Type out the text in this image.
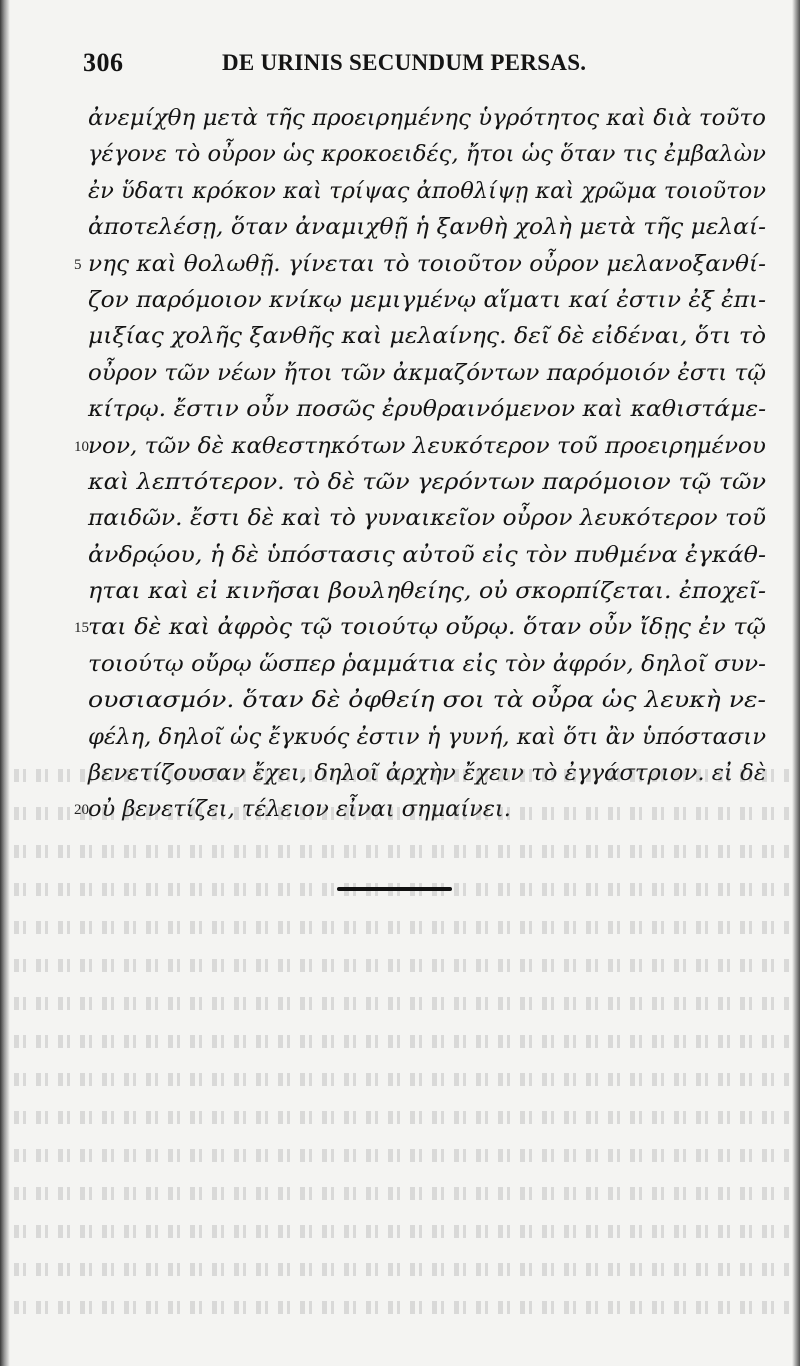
306	DE URINIS SECUNDUM PERSAS.
ἀνεμίχθη μετὰ τῆς προειρημένης ὑγρότητος καὶ διὰ τοῦτο
γέγονε τὸ οὖρον ὡς κροκοειδές, ἤτοι ὡς ὅταν τις ἐμβαλὼν
ἐν ὕδατι κρόκον καὶ τρίψας ἀποθλίψῃ καὶ χρῶμα τοιοῦτον
ἀποτελέσῃ, ὅταν ἀναμιχθῇ ἡ ξανθὴ χολὴ μετὰ τῆς μελαί-
5 νης καὶ θολωθῇ. γίνεται τὸ τοιοῦτον οὖρον μελανοξανθί-
ζον παρόμοιον κνίκῳ μεμιγμένῳ αἵματι καί ἐστιν ἐξ ἐπι-
μιξίας χολῆς ξανθῆς καὶ μελαίνης. δεῖ δὲ εἰδέναι, ὅτι τὸ
οὖρον τῶν νέων ἤτοι τῶν ἀκμαζόντων παρόμοιόν ἐστι τῷ
κίτρῳ. ἔστιν οὖν ποσῶς ἐρυθραινόμενον καὶ καθιστάμε-
10 νον, τῶν δὲ καθεστηκότων λευκότερον τοῦ προειρημένου
καὶ λεπτότερον. τὸ δὲ τῶν γερόντων παρόμοιον τῷ τῶν
παιδῶν. ἔστι δὲ καὶ τὸ γυναικεῖον οὖρον λευκότερον τοῦ
ἀνδρῴου, ἡ δὲ ὑπόστασις αὐτοῦ εἰς τὸν πυθμένα ἐγκάθ-
ηται καὶ εἰ κινῆσαι βουληθείης, οὐ σκορπίζεται. ἐποχεῖ-
15 ται δὲ καὶ ἀφρὸς τῷ τοιούτῳ οὔρῳ. ὅταν οὖν ἴδῃς ἐν τῷ
τοιούτῳ οὔρῳ ὥσπερ ῥαμμάτια εἰς τὸν ἀφρόν, δηλοῖ συν-
ουσιασμόν. ὅταν δὲ ὀφθείη σοι τὰ οὖρα ὡς λευκὴ νε-
φέλη, δηλοῖ ὡς ἔγκυός ἐστιν ἡ γυνή, καὶ ὅτι ἂν ὑπόστασιν
βενετίζουσαν ἔχει, δηλοῖ ἀρχὴν ἔχειν τὸ ἐγγάστριον. εἰ δὲ
20 οὐ βενετίζει, τέλειον εἶναι σημαίνει.
